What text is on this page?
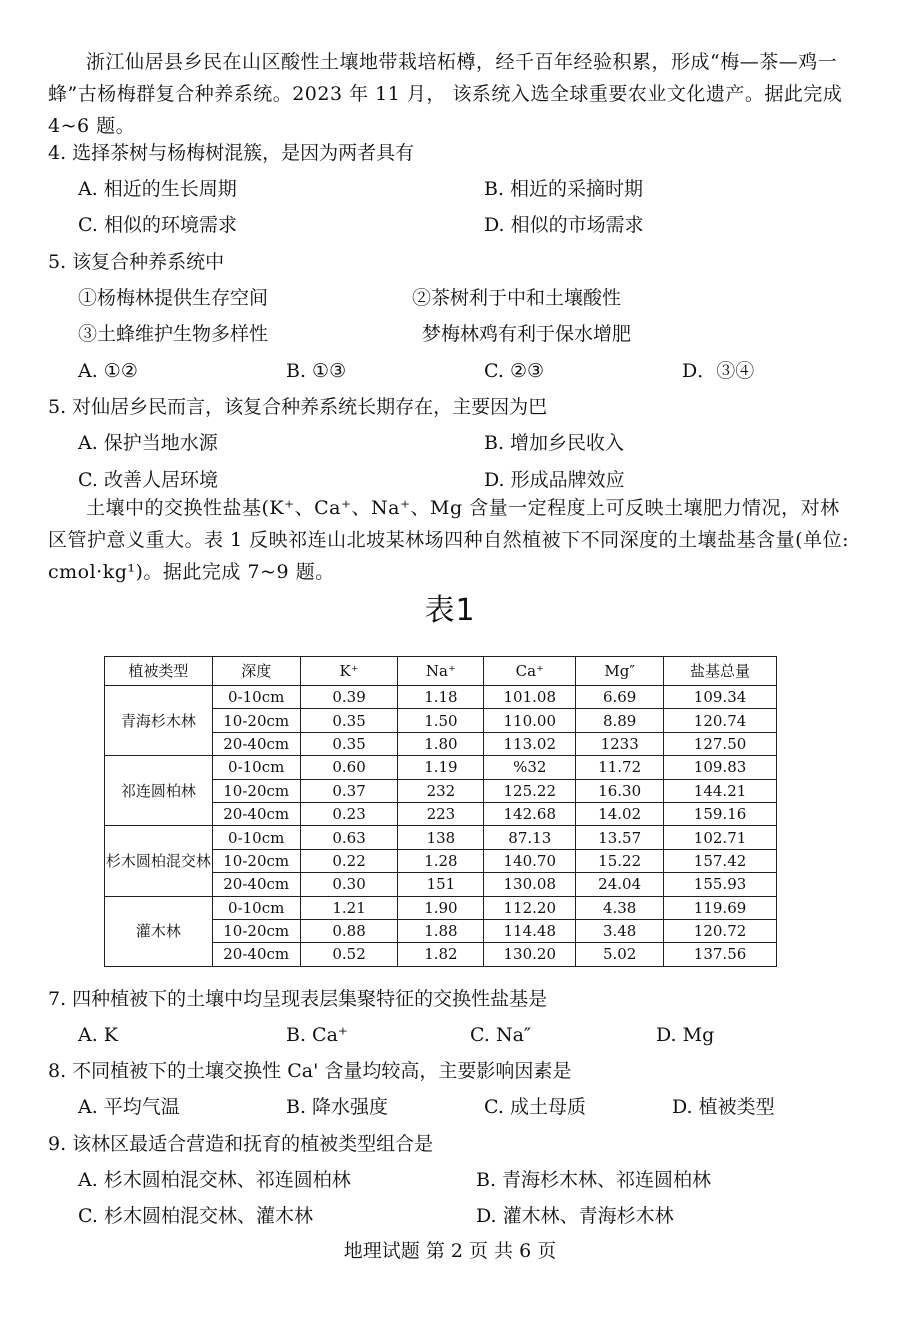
浙江仙居县乡民在山区酸性土壤地带栽培柘樽，经千百年经验积累，形成“梅—茶—鸡一蜂”古杨梅群复合种养系统。2023 年 11 月， 该系统入选全球重要农业文化遗产。据此完成 4~6 题。
4. 选择茶树与杨梅树混簇，是因为两者具有
A. 相近的生长周期	B. 相近的采摘时期
C. 相似的环境需求	D. 相似的市场需求
5. 该复合种养系统中
①杨梅林提供生存空间	②茶树利于中和土壤酸性
③土蜂维护生物多样性	梦梅林鸡有利于保水增肥
A. ①②	B. ①③	C. ②③	D．③④
5. 对仙居乡民而言，该复合种养系统长期存在，主要因为巴
A. 保护当地水源	B. 增加乡民收入
C. 改善人居环境	D. 形成品牌效应
土壤中的交换性盐基(K⁺、Ca⁺、Na⁺、Mg 含量一定程度上可反映土壤肥力情况，对林区管护意义重大。表 1 反映祁连山北坡某林场四种自然植被下不同深度的土壤盐基含量(单位: cmol·kg¹)。据此完成 7~9 题。
表1
植被类型	深度	K⁺	Na⁺	Ca⁺	Mg″	盐基总量
青海杉木林	0-10cm	0.39	1.18	101.08	6.69	109.34
	10-20cm	0.35	1.50	110.00	8.89	120.74
	20-40cm	0.35	1.80	113.02	1233	127.50
祁连圆柏林	0-10cm	0.60	1.19	%32	11.72	109.83
	10-20cm	0.37	232	125.22	16.30	144.21
	20-40cm	0.23	223	142.68	14.02	159.16
杉木圆柏混交林	0-10cm	0.63	138	87.13	13.57	102.71
	10-20cm	0.22	1.28	140.70	15.22	157.42
	20-40cm	0.30	151	130.08	24.04	155.93
灌木林	0-10cm	1.21	1.90	112.20	4.38	119.69
	10-20cm	0.88	1.88	114.48	3.48	120.72
	20-40cm	0.52	1.82	130.20	5.02	137.56
7. 四种植被下的土壤中均呈现表层集聚特征的交换性盐基是
A. K	B. Ca⁺	C. Na″	D. Mg
8. 不同植被下的土壤交换性 Ca' 含量均较高，主要影响因素是
A. 平均气温	B. 降水强度	C. 成土母质	D. 植被类型
9. 该林区最适合营造和抚育的植被类型组合是
A. 杉木圆柏混交林、祁连圆柏林	B. 青海杉木林、祁连圆柏林
C. 杉木圆柏混交林、灌木林	D. 灌木林、青海杉木林
地理试题 第 2 页 共 6 页
